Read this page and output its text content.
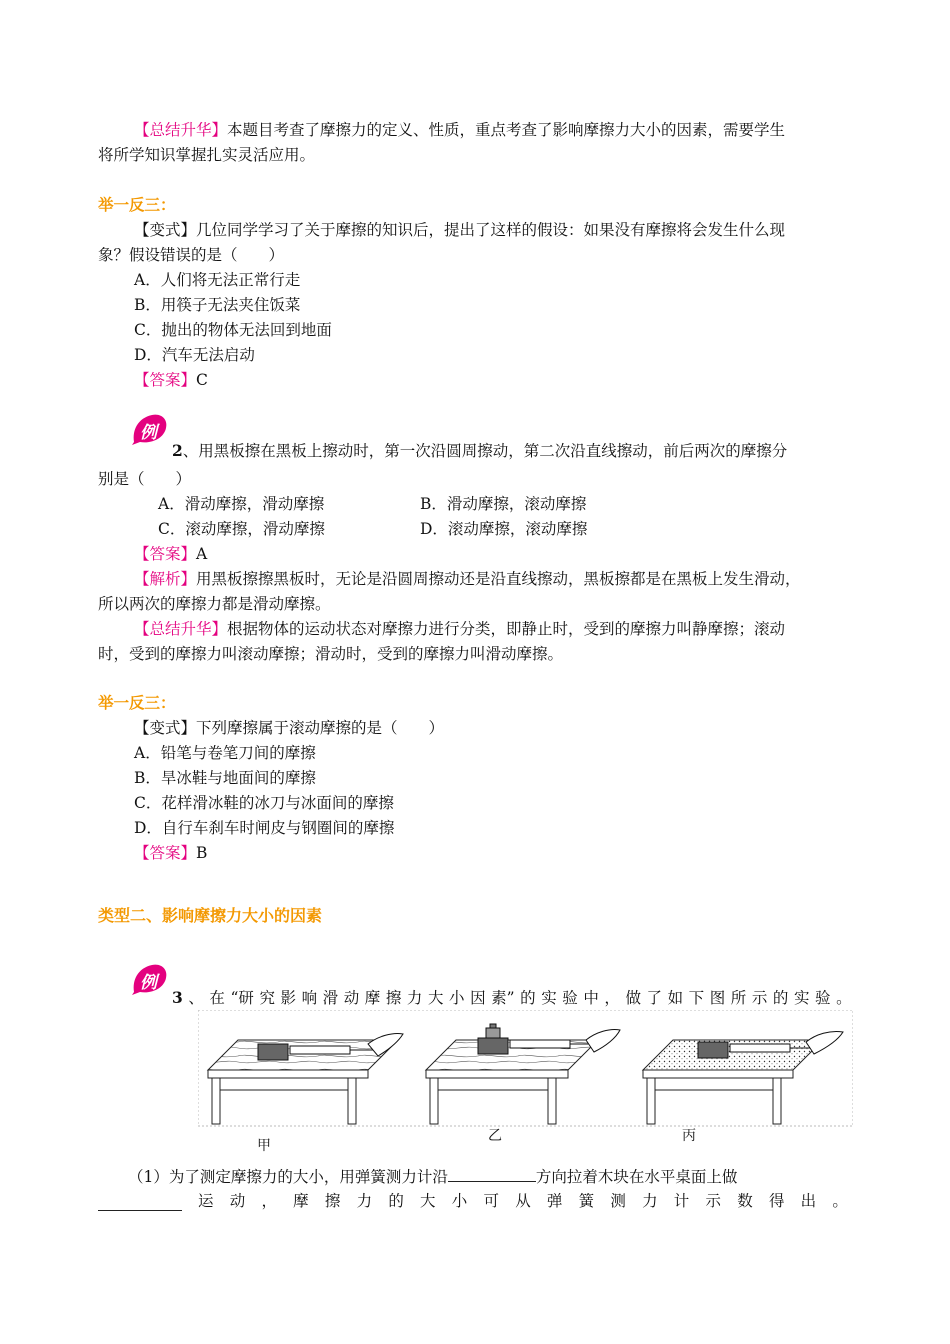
【总结升华】本题目考查了摩擦力的定义、性质，重点考查了影响摩擦力大小的因素，需要学生
将所学知识掌握扎实灵活应用。
举一反三：
【变式】几位同学学习了关于摩擦的知识后，提出了这样的假设：如果没有摩擦将会发生什么现
象？假设错误的是（　　）
A．人们将无法正常行走
B．用筷子无法夹住饭菜
C．抛出的物体无法回到地面
D．汽车无法启动
【答案】C
例
2、用黑板擦在黑板上擦动时，第一次沿圆周擦动，第二次沿直线擦动，前后两次的摩擦分
别是（　　）
A．滑动摩擦，滑动摩擦	B．滑动摩擦，滚动摩擦
C．滚动摩擦，滑动摩擦	D．滚动摩擦，滚动摩擦
【答案】A
【解析】用黑板擦擦黑板时，无论是沿圆周擦动还是沿直线擦动，黑板擦都是在黑板上发生滑动，
所以两次的摩擦力都是滑动摩擦。
【总结升华】根据物体的运动状态对摩擦力进行分类，即静止时，受到的摩擦力叫静摩擦；滚动
时，受到的摩擦力叫滚动摩擦；滑动时，受到的摩擦力叫滑动摩擦。
举一反三：
【变式】下列摩擦属于滚动摩擦的是（　　）
A．铅笔与卷笔刀间的摩擦
B．旱冰鞋与地面间的摩擦
C．花样滑冰鞋的冰刀与冰面间的摩擦
D．自行车刹车时闸皮与钢圈间的摩擦
【答案】B
类型二、影响摩擦力大小的因素
例
3 、 在 “研 究 影 响 滑 动 摩 擦 力 大 小 因 素” 的 实 验 中 ， 做 了 如 下 图 所 示 的 实 验 。
甲
乙	丙
（1）为了测定摩擦力的大小，用弹簧测力计沿	方向拉着木块在水平桌面上做
运 动 ， 摩 擦 力 的 大 小 可 从 弹 簧 测 力 计 示 数 得 出 。
